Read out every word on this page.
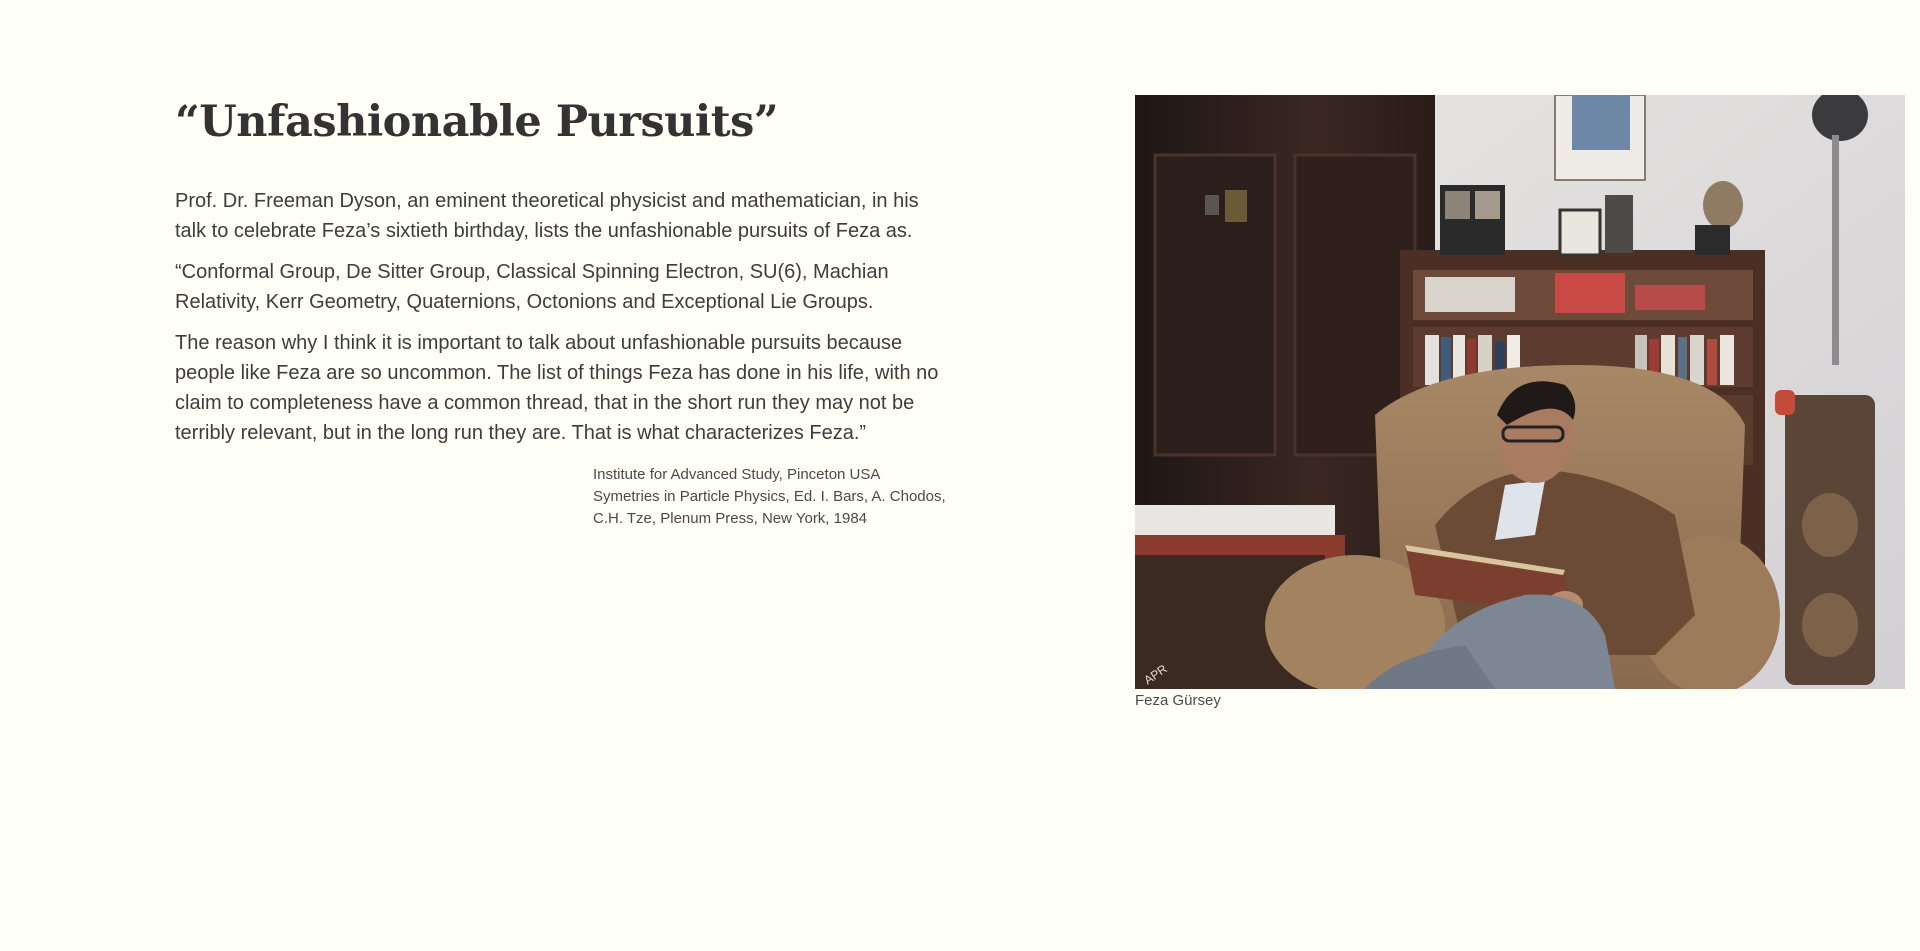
“Unfashionable Pursuits”

Prof. Dr. Freeman Dyson, an eminent theoretical physicist and mathematician, in his talk to celebrate Feza’s sixtieth birthday, lists the unfashionable pursuits of Feza as.

“Conformal Group, De Sitter Group, Classical Spinning Electron, SU(6), Machian Relativity, Kerr Geometry, Quaternions, Octonions and Exceptional Lie Groups.

The reason why I think it is important to talk about unfashionable pursuits because people like Feza are so uncommon. The list of things Feza has done in his life, with no claim to completeness have a common thread, that in the short run they may not be terribly relevant, but in the long run they are. That is what characterizes Feza.”

Institute for Advanced Study, Pinceton USA
Symetries in Particle Physics, Ed. I. Bars, A. Chodos,
C.H. Tze, Plenum Press, New York, 1984
APR
Feza Gürsey
